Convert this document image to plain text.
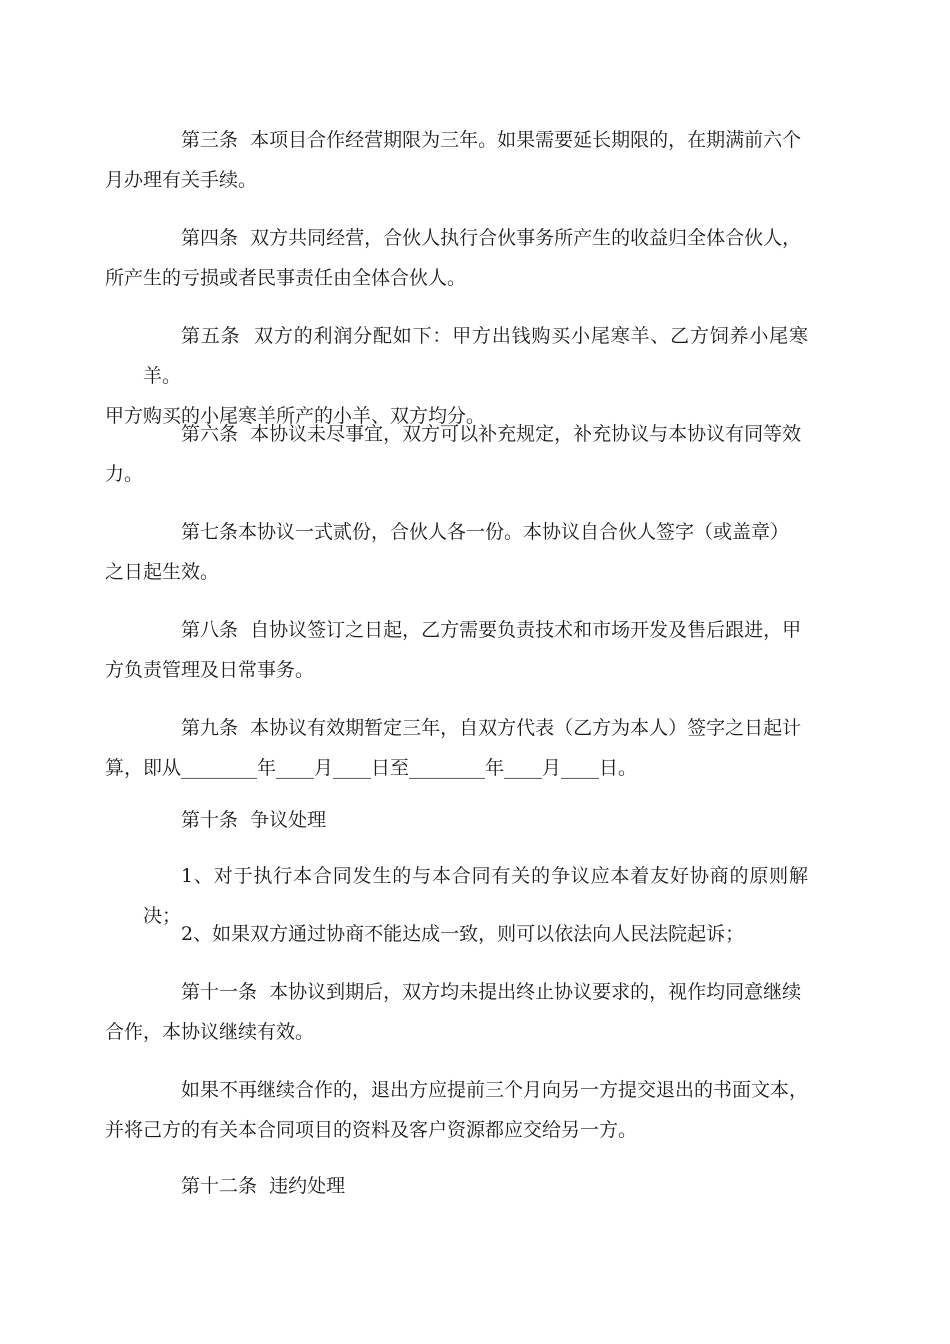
第三条  本项目合作经营期限为三年。如果需要延长期限的，在期满前六个
月办理有关手续。

第四条  双方共同经营，合伙人执行合伙事务所产生的收益归全体合伙人，
所产生的亏损或者民事责任由全体合伙人。

第五条  双方的利润分配如下：甲方出钱购买小尾寒羊、乙方饲养小尾寒羊。
甲方购买的小尾寒羊所产的小羊、双方均分。

第六条  本协议未尽事宜，双方可以补充规定，补充协议与本协议有同等效
力。

第七条本协议一式贰份，合伙人各一份。本协议自合伙人签字（或盖章）
之日起生效。

第八条  自协议签订之日起，乙方需要负责技术和市场开发及售后跟进，甲
方负责管理及日常事务。

第九条  本协议有效期暂定三年，自双方代表（乙方为本人）签字之日起计
算，即从________年____月____日至________年____月____日。

第十条  争议处理

1、对于执行本合同发生的与本合同有关的争议应本着友好协商的原则解决；

2、如果双方通过协商不能达成一致，则可以依法向人民法院起诉；

第十一条  本协议到期后，双方均未提出终止协议要求的，视作均同意继续
合作，本协议继续有效。

如果不再继续合作的，退出方应提前三个月向另一方提交退出的书面文本，
并将己方的有关本合同项目的资料及客户资源都应交给另一方。

第十二条  违约处理
